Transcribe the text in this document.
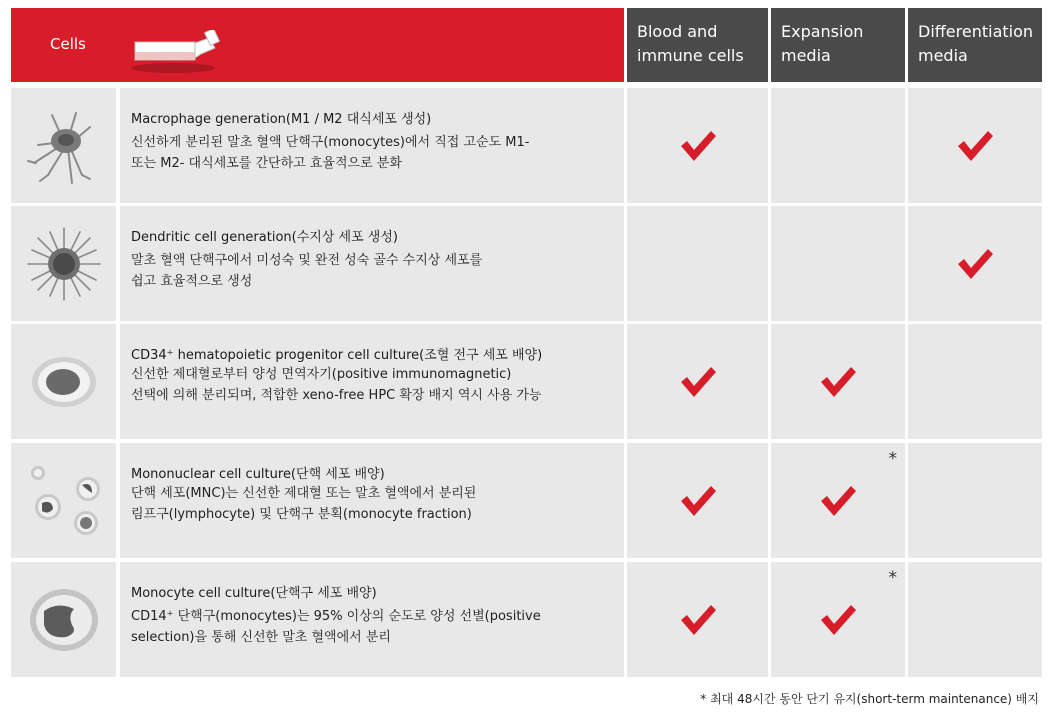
Cells
Blood and
immune cells
Expansion
media
Differentiation
media
Macrophage generation(M1 / M2 대식세포 생성)
신선하게 분리된 말초 혈액 단핵구(monocytes)에서 직접 고순도 M1-
또는 M2- 대식세포를 간단하고 효율적으로 분화
Dendritic cell generation(수지상 세포 생성)
말초 혈액 단핵구에서 미성숙 및 완전 성숙 골수 수지상 세포를
쉽고 효율적으로 생성
CD34⁺ hematopoietic progenitor cell culture(조혈 전구 세포 배양)
신선한 제대혈로부터 양성 면역자기(positive immunomagnetic)
선택에 의해 분리되며, 적합한 xeno-free HPC 확장 배지 역시 사용 가능
Mononuclear cell culture(단핵 세포 배양)
단핵 세포(MNC)는 신선한 제대혈 또는 말초 혈액에서 분리된
림프구(lymphocyte) 및 단핵구 분획(monocyte fraction)
*
Monocyte cell culture(단핵구 세포 배양)
CD14⁺ 단핵구(monocytes)는 95% 이상의 순도로 양성 선별(positive
selection)을 통해 신선한 말초 혈액에서 분리
*
* 최대 48시간 동안 단기 유지(short-term maintenance) 배지
